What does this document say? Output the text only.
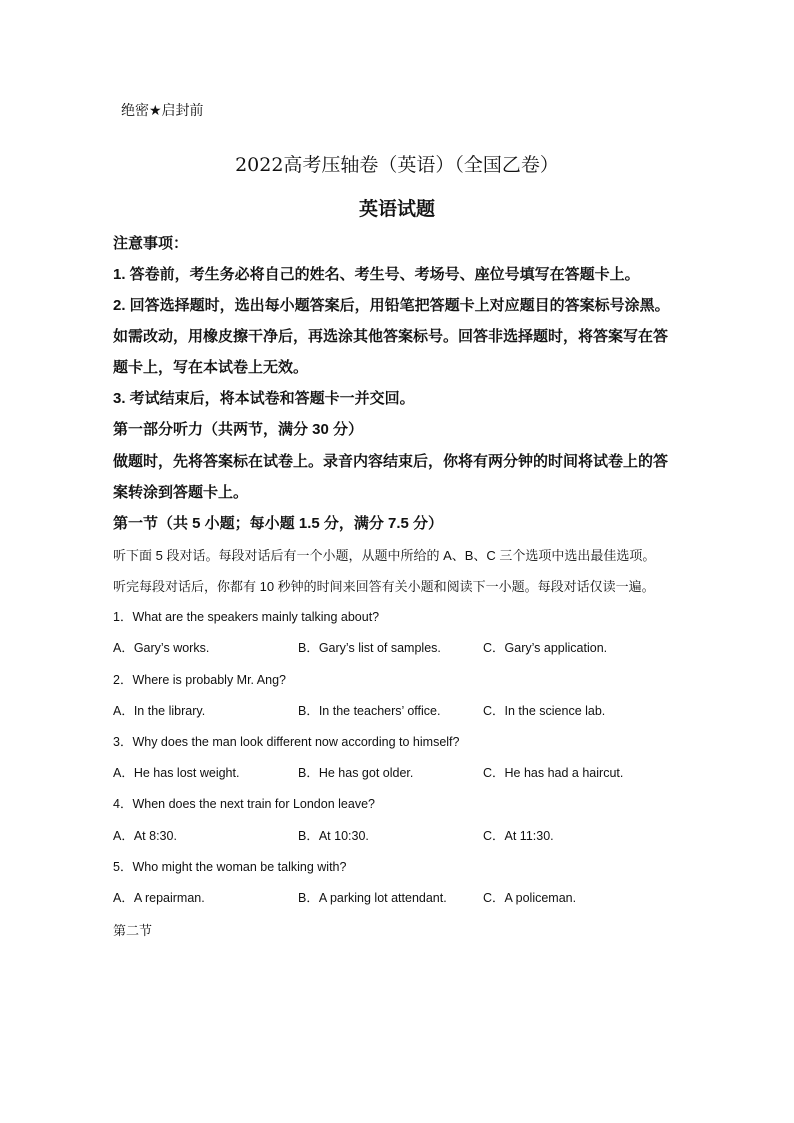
绝密★启封前
2022高考压轴卷（英语）（全国乙卷）
英语试题
注意事项：
1. 答卷前，考生务必将自己的姓名、考生号、考场号、座位号填写在答题卡上。
2. 回答选择题时，选出每小题答案后，用铅笔把答题卡上对应题目的答案标号涂黑。
如需改动，用橡皮擦干净后，再选涂其他答案标号。回答非选择题时，将答案写在答
题卡上，写在本试卷上无效。
3. 考试结束后，将本试卷和答题卡一并交回。
第一部分听力（共两节，满分 30 分）
做题时，先将答案标在试卷上。录音内容结束后，你将有两分钟的时间将试卷上的答
案转涂到答题卡上。
第一节（共 5 小题；每小题 1.5 分，满分 7.5 分）
听下面 5 段对话。每段对话后有一个小题，从题中所给的 A、B、C 三个选项中选出最佳选项。
听完每段对话后，你都有 10 秒钟的时间来回答有关小题和阅读下一小题。每段对话仅读一遍。
1．What are the speakers mainly talking about?
A．Gary’s works.	B．Gary’s list of samples.	C．Gary’s application.
2．Where is probably Mr. Ang?
A．In the library.	B．In the teachers’ office.	C．In the science lab.
3．Why does the man look different now according to himself?
A．He has lost weight.	B．He has got older.	C．He has had a haircut.
4．When does the next train for London leave?
A．At 8:30.	B．At 10:30.	C．At 11:30.
5．Who might the woman be talking with?
A．A repairman.	B．A parking lot attendant.	C．A policeman.
第二节
